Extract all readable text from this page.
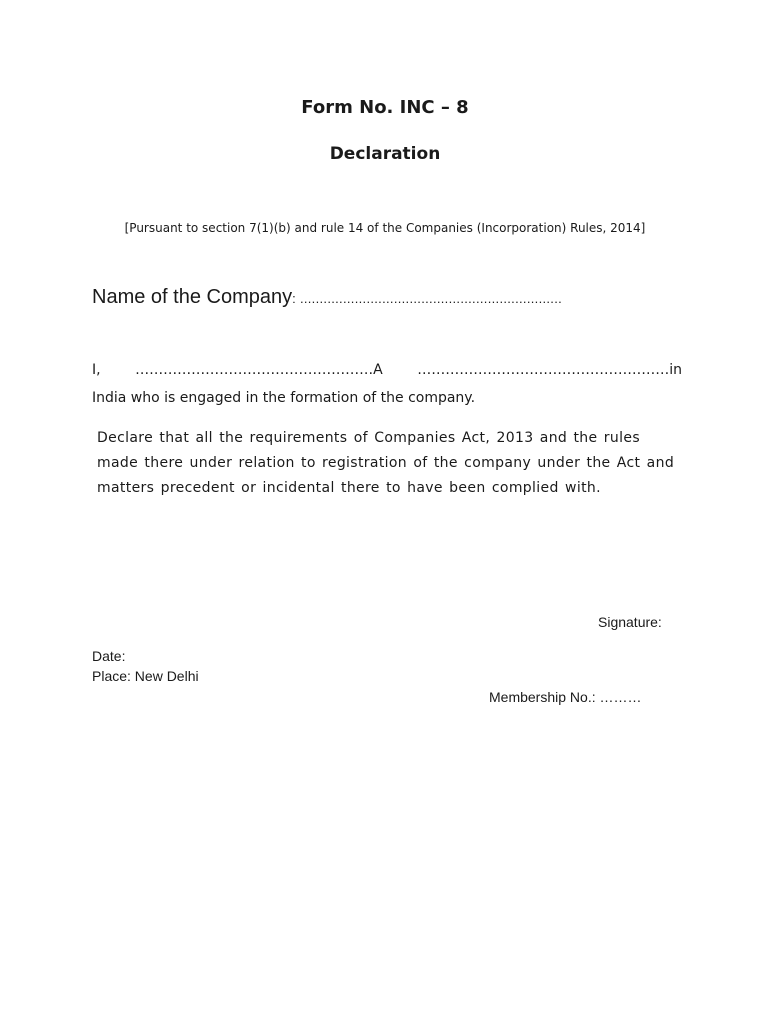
Form No. INC – 8
Declaration
[Pursuant to section 7(1)(b) and rule 14 of the Companies (Incorporation) Rules, 2014]
Name of the Company: ...................................................................
I, ……………………………………………A ………………………………………………in
India who is engaged in the formation of the company.
Declare that all the requirements of Companies Act, 2013 and the rules made there under relation to registration of the company under the Act and matters precedent or incidental there to have been complied with.
Signature:
Date:
Place: New Delhi
Membership No.: ………
